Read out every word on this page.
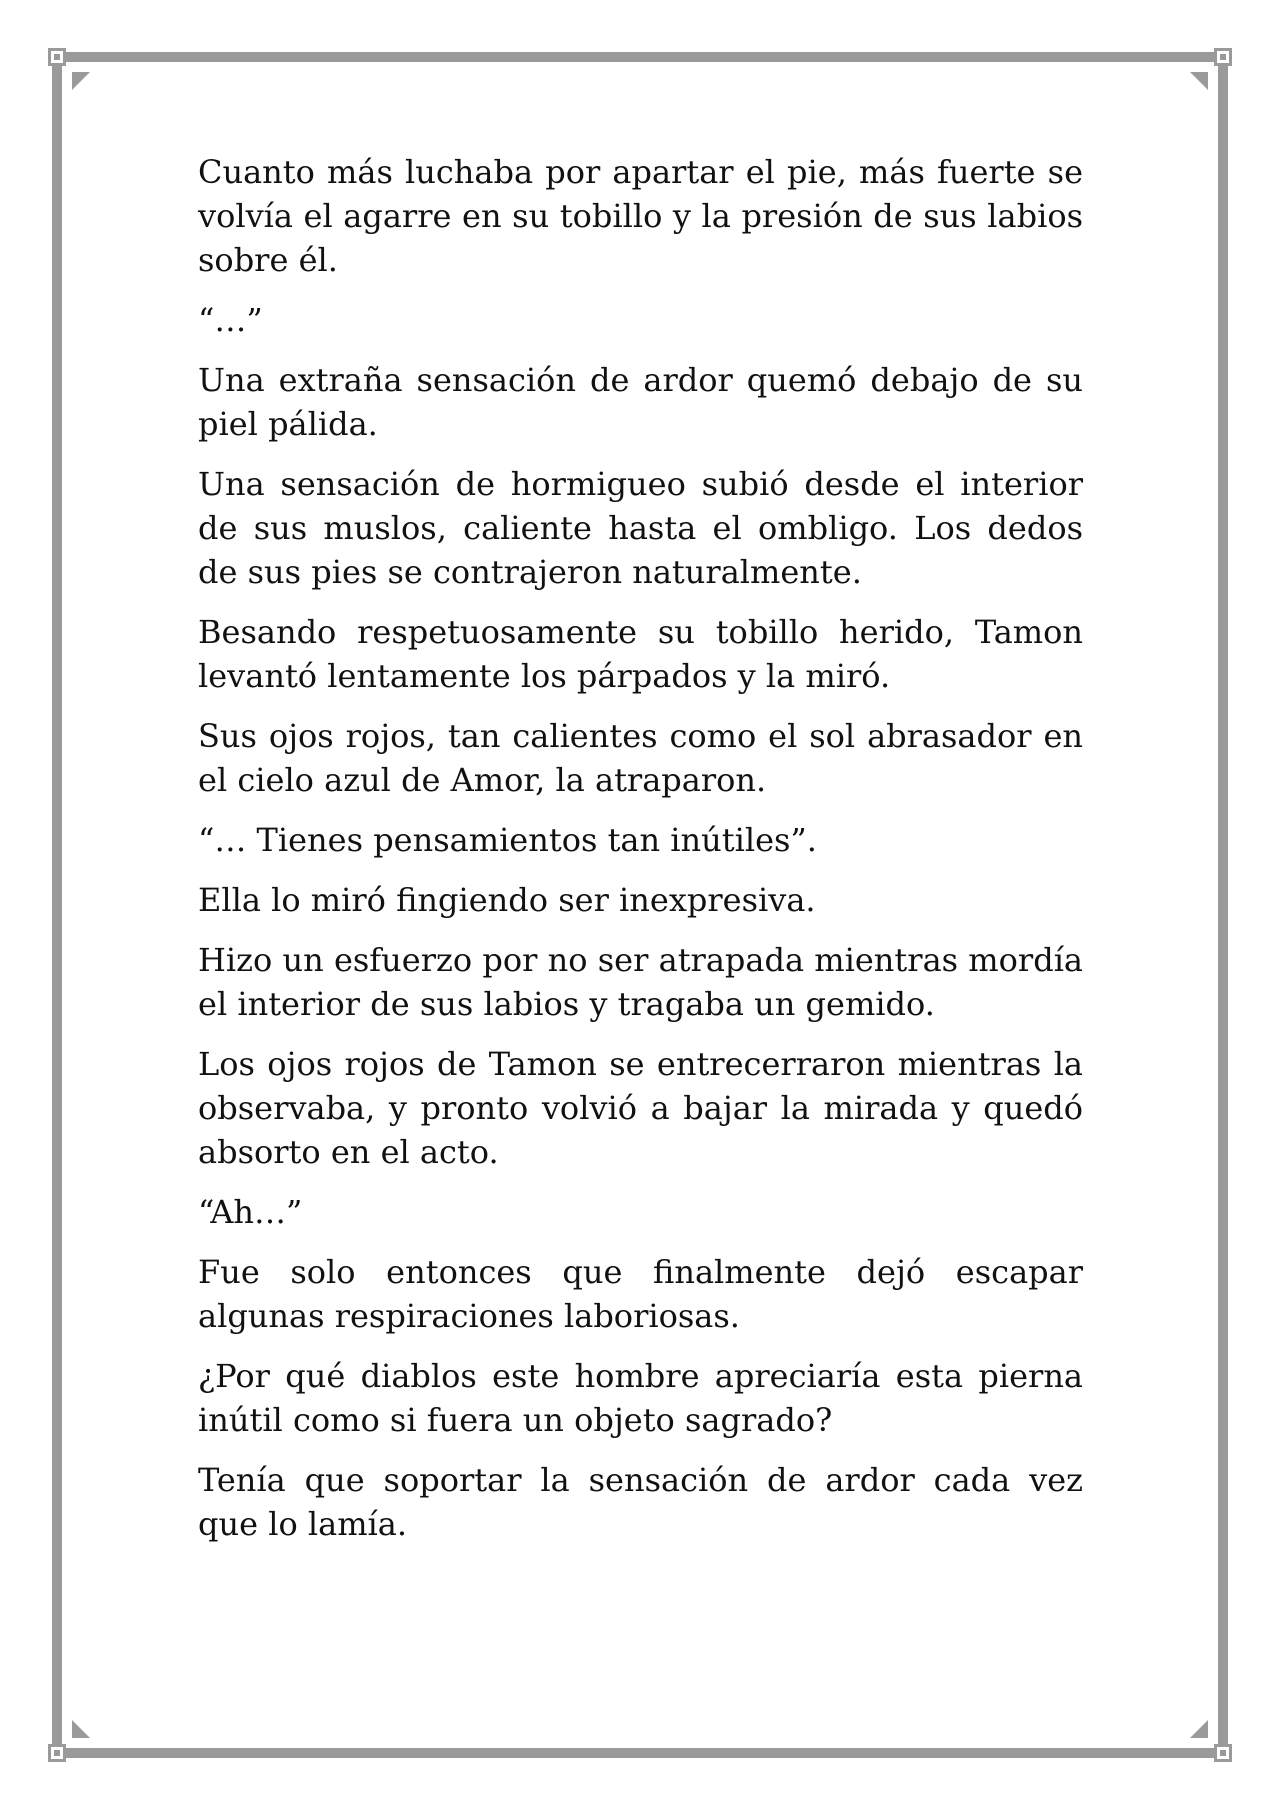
Cuanto más luchaba por apartar el pie, más fuerte se volvía el agarre en su tobillo y la presión de sus labios sobre él.

“…”

Una extraña sensación de ardor quemó debajo de su piel pálida.

Una sensación de hormigueo subió desde el interior de sus muslos, caliente hasta el ombligo. Los dedos de sus pies se contrajeron naturalmente.

Besando respetuosamente su tobillo herido, Tamon levantó lentamente los párpados y la miró.

Sus ojos rojos, tan calientes como el sol abrasador en el cielo azul de Amor, la atraparon.

“… Tienes pensamientos tan inútiles”.

Ella lo miró fingiendo ser inexpresiva.

Hizo un esfuerzo por no ser atrapada mientras mordía el interior de sus labios y tragaba un gemido.

Los ojos rojos de Tamon se entrecerraron mientras la observaba, y pronto volvió a bajar la mirada y quedó absorto en el acto.

“Ah…”

Fue solo entonces que finalmente dejó escapar algunas respiraciones laboriosas.

¿Por qué diablos este hombre apreciaría esta pierna inútil como si fuera un objeto sagrado?

Tenía que soportar la sensación de ardor cada vez que lo lamía.
